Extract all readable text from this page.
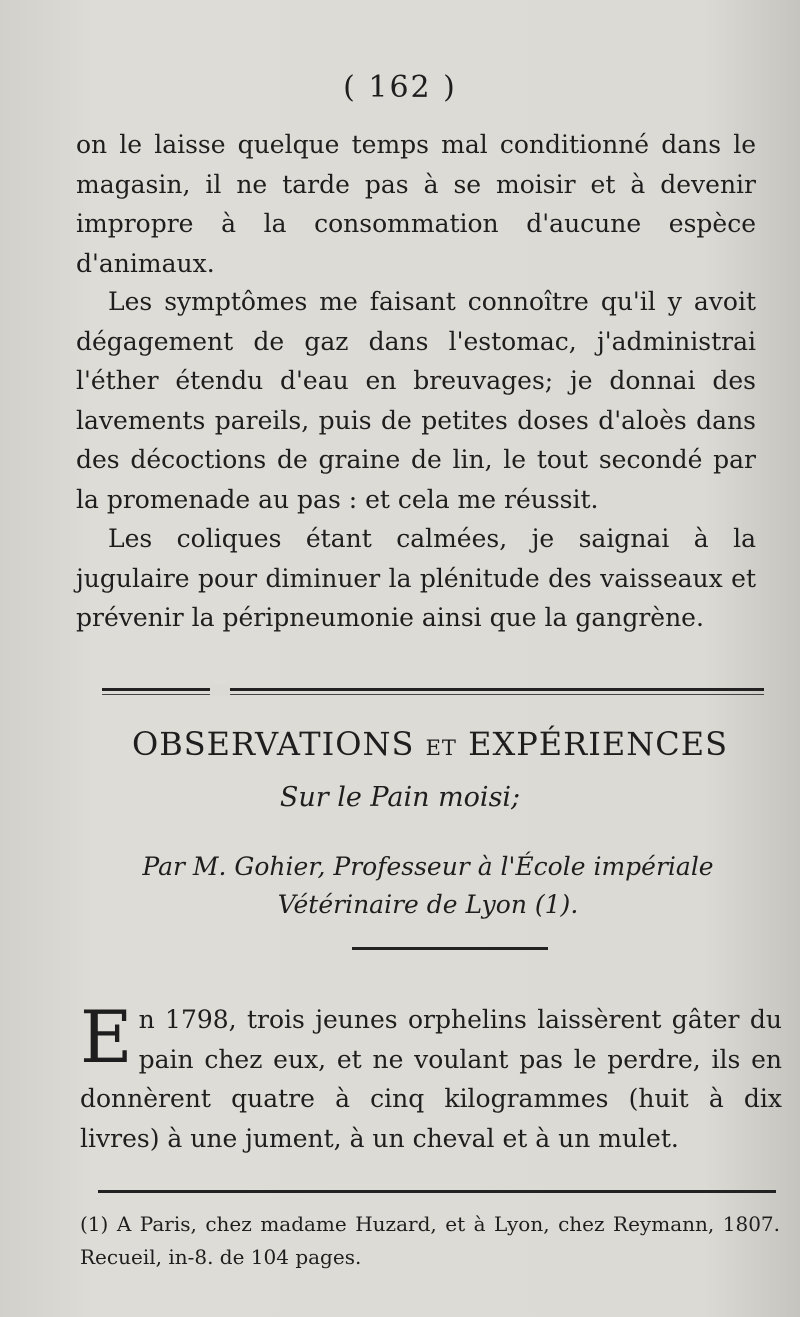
( 162 )

on le laisse quelque temps mal conditionné dans le magasin, il ne tarde pas à se moisir et à devenir impropre à la consommation d'aucune espèce d'animaux.

Les symptômes me faisant connoître qu'il y avoit dégagement de gaz dans l'estomac, j'administrai l'éther étendu d'eau en breuvages; je donnai des lavements pareils, puis de petites doses d'aloès dans des décoctions de graine de lin, le tout secondé par la promenade au pas : et cela me réussit.

Les coliques étant calmées, je saignai à la jugulaire pour diminuer la plénitude des vaisseaux et prévenir la péripneumonie ainsi que la gangrène.

OBSERVATIONS ET EXPÉRIENCES
Sur le Pain moisi;
Par M. Gohier, Professeur à l'École impériale Vétérinaire de Lyon (1).
E n 1798, trois jeunes orphelins laissèrent gâter du pain chez eux, et ne voulant pas le perdre, ils en donnèrent quatre à cinq kilogrammes (huit à dix livres) à une jument, à un cheval et à un mulet.

(1) A Paris, chez madame Huzard, et à Lyon, chez Reymann, 1807. Recueil, in-8. de 104 pages.
